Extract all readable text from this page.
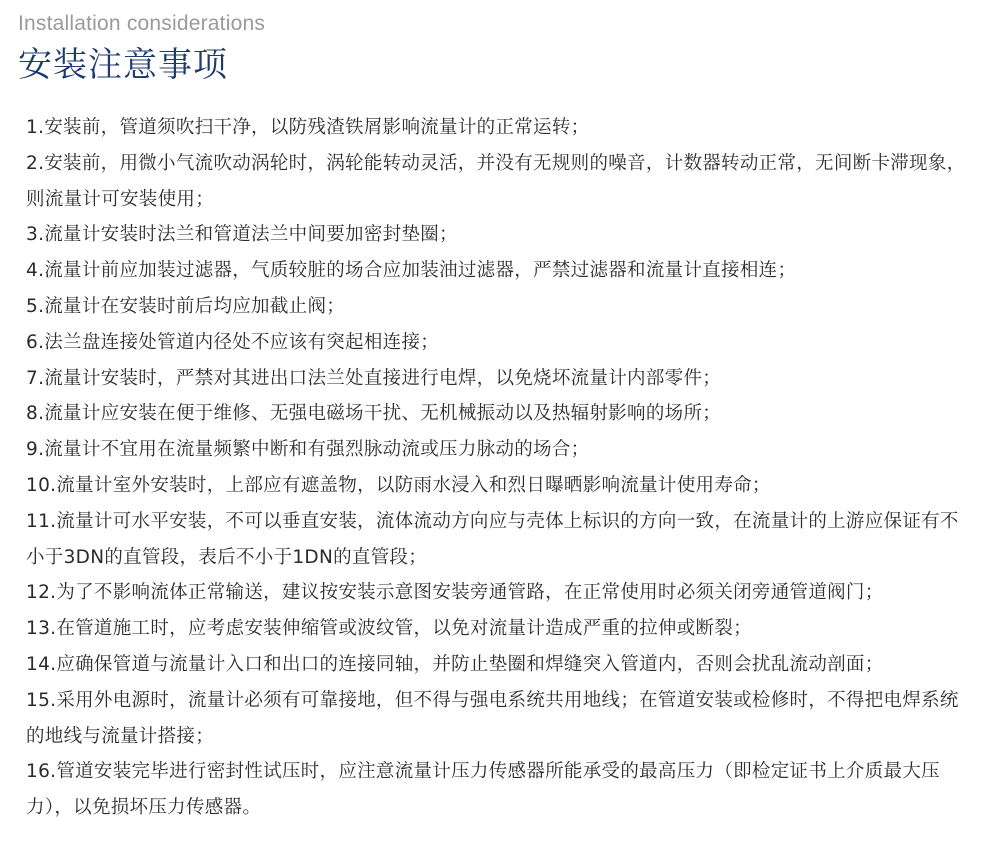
Installation considerations
安装注意事项
1.安装前，管道须吹扫干净，以防残渣铁屑影响流量计的正常运转；
2.安装前，用微小气流吹动涡轮时，涡轮能转动灵活，并没有无规则的噪音，计数器转动正常，无间断卡滞现象，则流量计可安装使用；
3.流量计安装时法兰和管道法兰中间要加密封垫圈；
4.流量计前应加装过滤器，气质较脏的场合应加装油过滤器，严禁过滤器和流量计直接相连；
5.流量计在安装时前后均应加截止阀；
6.法兰盘连接处管道内径处不应该有突起相连接；
7.流量计安装时，严禁对其进出口法兰处直接进行电焊，以免烧坏流量计内部零件；
8.流量计应安装在便于维修、无强电磁场干扰、无机械振动以及热辐射影响的场所；
9.流量计不宜用在流量频繁中断和有强烈脉动流或压力脉动的场合；
10.流量计室外安装时，上部应有遮盖物，以防雨水浸入和烈日曝晒影响流量计使用寿命；
11.流量计可水平安装，不可以垂直安装，流体流动方向应与壳体上标识的方向一致，在流量计的上游应保证有不小于3DN的直管段，表后不小于1DN的直管段；
12.为了不影响流体正常输送，建议按安装示意图安装旁通管路，在正常使用时必须关闭旁通管道阀门；
13.在管道施工时，应考虑安装伸缩管或波纹管，以免对流量计造成严重的拉伸或断裂；
14.应确保管道与流量计入口和出口的连接同轴，并防止垫圈和焊缝突入管道内，否则会扰乱流动剖面；
15.采用外电源时，流量计必须有可靠接地，但不得与强电系统共用地线；在管道安装或检修时，不得把电焊系统的地线与流量计搭接；
16.管道安装完毕进行密封性试压时，应注意流量计压力传感器所能承受的最高压力（即检定证书上介质最大压力），以免损坏压力传感器。
